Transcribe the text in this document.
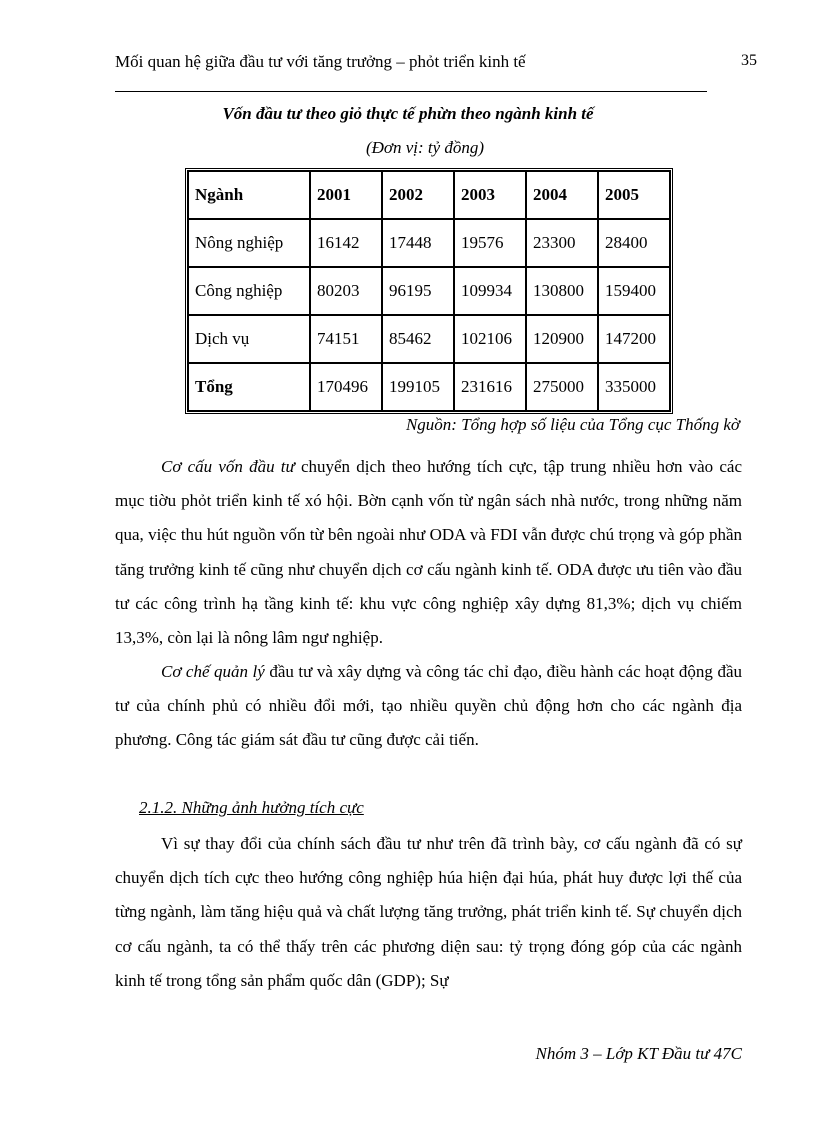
Mối quan hệ giữa đầu tư với tăng trưởng – phỏt triển kinh tế	35
Vốn đầu tư theo giỏ thực tế phừn theo ngành kinh tế
(Đơn vị: tỷ đồng)
Ngành	2001	2002	2003	2004	2005
Nông nghiệp	16142	17448	19576	23300	28400
Công nghiệp	80203	96195	109934	130800	159400
Dịch vụ	74151	85462	102106	120900	147200
Tổng	170496	199105	231616	275000	335000
Nguồn: Tổng hợp số liệu của Tổng cục Thống kờ

Cơ cấu vốn đầu tư chuyển dịch theo hướng tích cực, tập trung nhiều hơn vào các mục tiờu phỏt triển kinh tế xó hội. Bờn cạnh vốn từ ngân sách nhà nước, trong những năm qua, việc thu hút nguồn vốn từ bên ngoài như ODA và FDI vẫn được chú trọng và góp phần tăng trưởng kinh tế cũng như chuyển dịch cơ cấu ngành kinh tế. ODA được ưu tiên vào đầu tư các công trình hạ tầng kinh tế: khu vực công nghiệp xây dựng 81,3%; dịch vụ chiếm 13,3%, còn lại là nông lâm ngư nghiệp.

Cơ chế quản lý đầu tư và xây dựng và công tác chỉ đạo, điều hành các hoạt động đầu tư của chính phủ có nhiều đổi mới, tạo nhiều quyền chủ động hơn cho các ngành địa phương. Công tác giám sát đầu tư cũng được cải tiến.

2.1.2. Những ảnh hưởng tích cực

Vì sự thay đổi của chính sách đầu tư như trên đã trình bày, cơ cấu ngành đã có sự chuyển dịch tích cực theo hướng công nghiệp húa hiện đại húa, phát huy được lợi thế của từng ngành, làm tăng hiệu quả và chất lượng tăng trưởng, phát triển kinh tế. Sự chuyển dịch cơ cấu ngành, ta có thể thấy trên các phương diện sau: tỷ trọng đóng góp của các ngành kinh tế trong tổng sản phẩm quốc dân (GDP); Sự

Nhóm 3 – Lớp KT Đầu tư 47C
